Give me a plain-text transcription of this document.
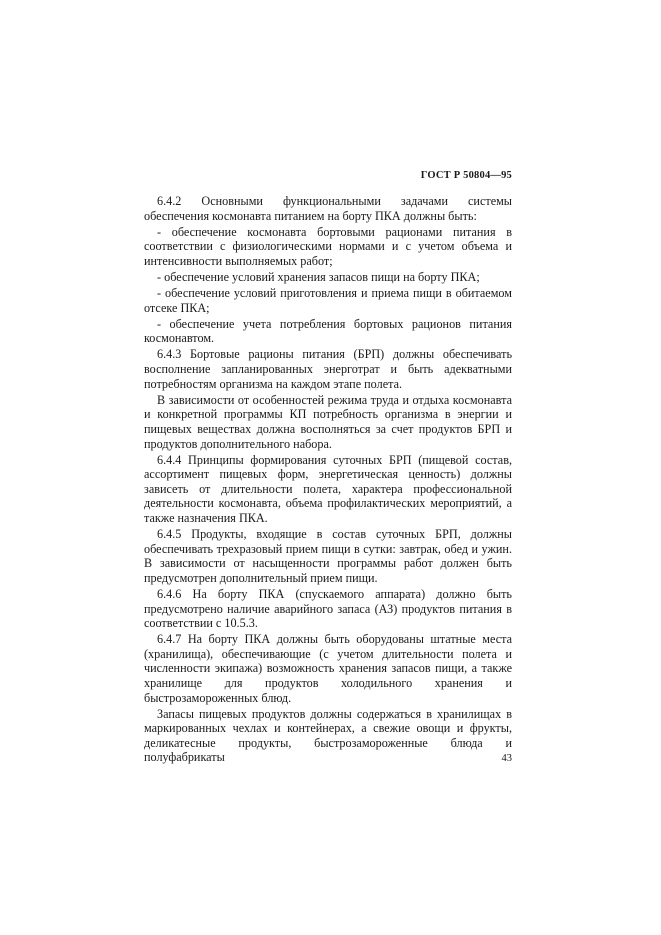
ГОСТ Р 50804—95

6.4.2 Основными функциональными задачами системы обеспечения космонавта питанием на борту ПКА должны быть:

- обеспечение космонавта бортовыми рационами питания в соответствии с физиологическими нормами и с учетом объема и интенсивности выполняемых работ;

- обеспечение условий хранения запасов пищи на борту ПКА;

- обеспечение условий приготовления и приема пищи в обитаемом отсеке ПКА;

- обеспечение учета потребления бортовых рационов питания космонавтом.

6.4.3 Бортовые рационы питания (БРП) должны обеспечивать восполнение запланированных энерготрат и быть адекватными потребностям организма на каждом этапе полета.

В зависимости от особенностей режима труда и отдыха космонавта и конкретной программы КП потребность организма в энергии и пищевых веществах должна восполняться за счет продуктов БРП и продуктов дополнительного набора.

6.4.4 Принципы формирования суточных БРП (пищевой состав, ассортимент пищевых форм, энергетическая ценность) должны зависеть от длительности полета, характера профессиональной деятельности космонавта, объема профилактических мероприятий, а также назначения ПКА.

6.4.5 Продукты, входящие в состав суточных БРП, должны обеспечивать трехразовый прием пищи в сутки: завтрак, обед и ужин. В зависимости от насыщенности программы работ должен быть предусмотрен дополнительный прием пищи.

6.4.6 На борту ПКА (спускаемого аппарата) должно быть предусмотрено наличие аварийного запаса (АЗ) продуктов питания в соответствии с 10.5.3.

6.4.7 На борту ПКА должны быть оборудованы штатные места (хранилища), обеспечивающие (с учетом длительности полета и численности экипажа) возможность хранения запасов пищи, а также хранилище для продуктов холодильного хранения и быстрозамороженных блюд.

Запасы пищевых продуктов должны содержаться в хранилищах в маркированных чехлах и контейнерах, а свежие овощи и фрукты, деликатесные продукты, быстрозамороженные блюда и полуфабрикаты	43
